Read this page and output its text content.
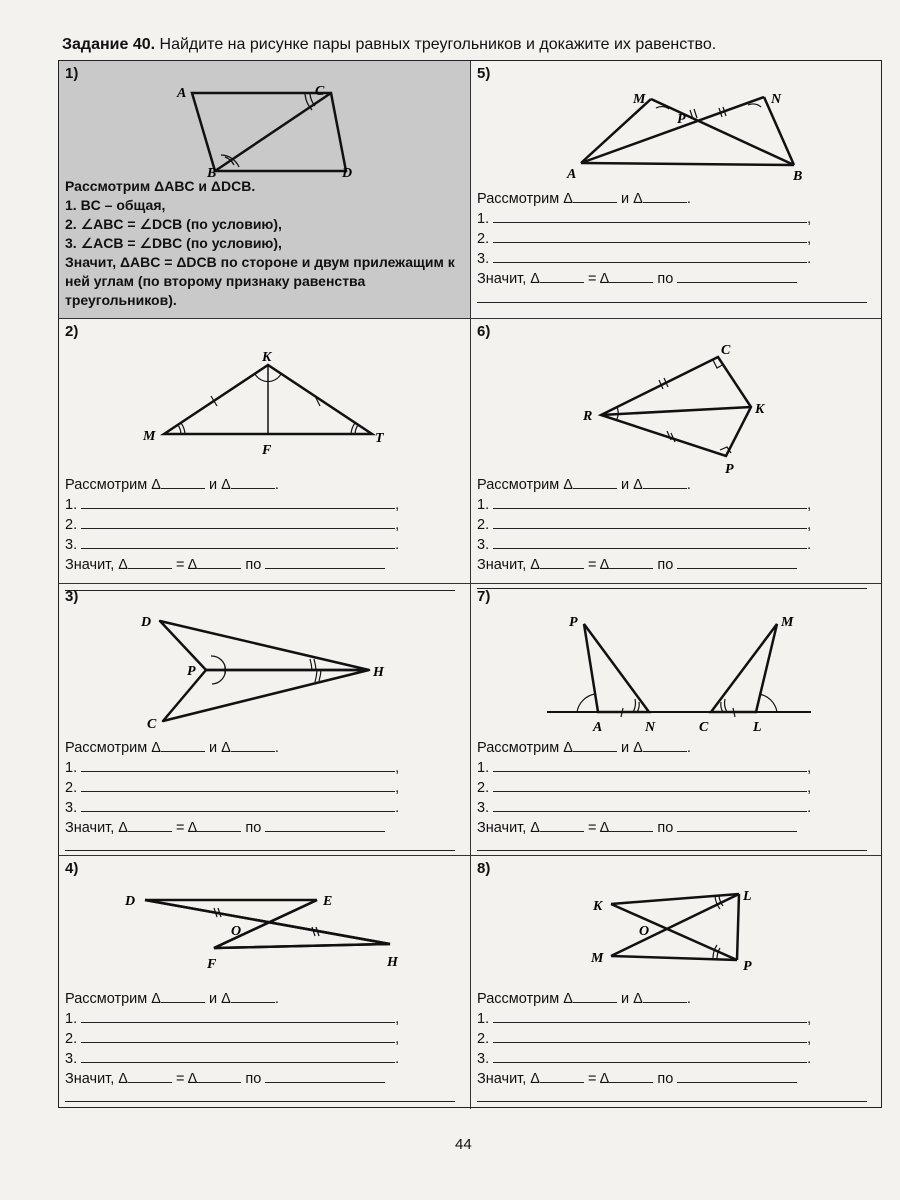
Задание 40. Найдите на рисунке пары равных треугольников и докажите их равенство.
1)
A	C
B	D
Рассмотрим ΔABC и ΔDCB.
1. BC – общая,
2. ∠ABC = ∠DCB (по условию),
3. ∠ACB = ∠DBC (по условию),
Значит, ΔABC = ΔDCB по стороне и двум прилежащим к ней углам (по второму признаку равенства треугольников).
2)
K
M
F
T
Рассмотрим Δ	и Δ	.
1.	,
2.	,
3.	.
Значит, Δ	= Δ	по
3)
D
P	H
C
Рассмотрим Δ	и Δ	.
1.	,
2.	,
3.	.
Значит, Δ	= Δ	по
4)
D	E
O
F	H
Рассмотрим Δ	и Δ	.
1.	,
2.	,
3.	.
Значит, Δ	= Δ	по
5)
M	N
P
A	B
Рассмотрим Δ	и Δ	.
1.	,
2.	,
3.	.
Значит, Δ	= Δ	по
6)
C
R	K
P
Рассмотрим Δ	и Δ	.
1.	,
2.	,
3.	.
Значит, Δ	= Δ	по
7)
P	M
A	N	C	L
Рассмотрим Δ	и Δ	.
1.	,
2.	,
3.	.
Значит, Δ	= Δ	по
8)
K
L
O
M
P
Рассмотрим Δ	и Δ	.
1.	,
2.	,
3.	.
Значит, Δ	= Δ	по
44
